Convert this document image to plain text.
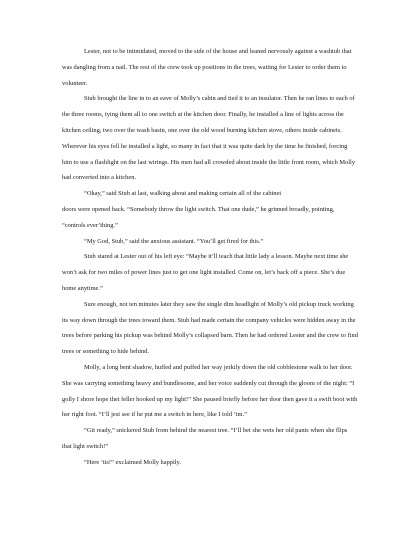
Lester, not to be intimidated, moved to the side of the house and leaned nervously against a washtub that was dangling from a nail. The rest of the crew took up positions in the trees, waiting for Lester to order them to volunteer.

Stub brought the line in to an eave of Molly’s cabin and tied it to an insulator. Then he ran lines to each of the three rooms, tying them all to one switch at the kitchen door. Finally, he installed a line of lights across the kitchen ceiling, two over the wash basin, one over the old wood burning kitchen stove, others inside cabinets. Wherever his eyes fell he installed a light, so many in fact that it was quite dark by the time he finished, forcing him to use a flashlight on the last wirings. His men had all crowded about inside the little front room, which Molly had converted into a kitchen.

“Okay,” said Stub at last, walking about and making certain all of the cabinet

doors were opened back. “Somebody throw the light switch. That one dude,” he grinned broadly, pointing, “controls ever’thing.”

“My God, Stub,” said the anxious assistant. “You’ll get fired for this.”

Stub stared at Lester out of his left eye: “Maybe it’ll teach that little lady a lesson. Maybe next time she won’t ask for two miles of power lines just to get one light installed. Come on, let’s back off a piece. She’s due home anytime.”

Sure enough, not ten minutes later they saw the single dim headlight of Molly’s old pickup truck working its way down through the trees toward them. Stub had made certain the company vehicles were hidden away in the trees before parking his pickup was behind Molly’s collapsed barn. Then he had ordered Lester and the crew to find trees or something to hide behind.

Molly, a long bent shadow, huffed and puffed her way jerkily down the old cobblestone walk to her door. She was carrying something heavy and bundlesome, and her voice suddenly cut through the gloom of the night: “I golly I shore hope thet feller hooked up my light!” She paused briefly before her door then gave it a swift boot with her right foot. “I’ll jest see if he put me a switch in here, like I told ’im.”

“Git ready,” snickered Stub from behind the nearest tree. “I’ll bet she wets her old pants when she flips that light switch!”

“Here ’tis!” exclaimed Molly happily.
